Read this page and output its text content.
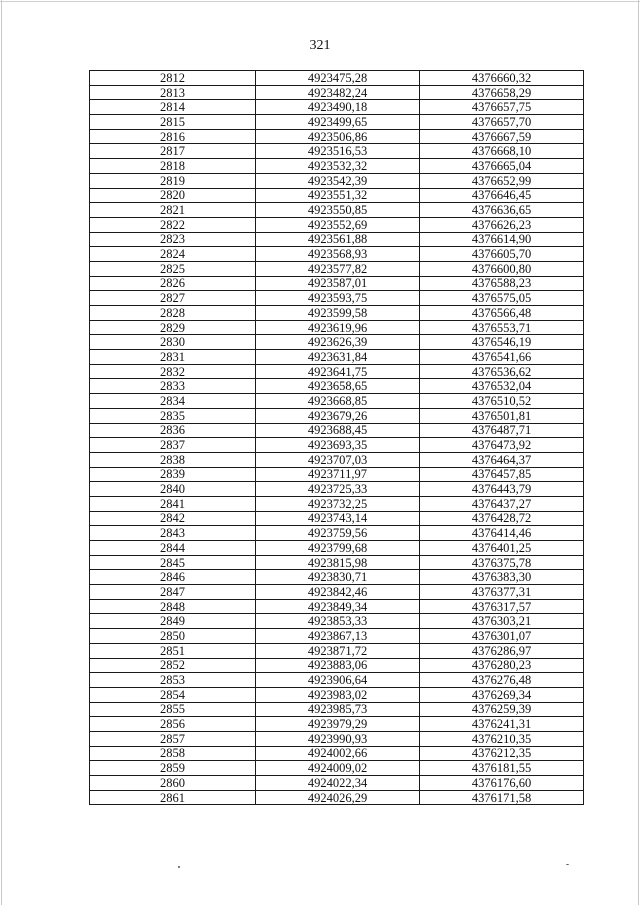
321
2812	4923475,28	4376660,32
2813	4923482,24	4376658,29
2814	4923490,18	4376657,75
2815	4923499,65	4376657,70
2816	4923506,86	4376667,59
2817	4923516,53	4376668,10
2818	4923532,32	4376665,04
2819	4923542,39	4376652,99
2820	4923551,32	4376646,45
2821	4923550,85	4376636,65
2822	4923552,69	4376626,23
2823	4923561,88	4376614,90
2824	4923568,93	4376605,70
2825	4923577,82	4376600,80
2826	4923587,01	4376588,23
2827	4923593,75	4376575,05
2828	4923599,58	4376566,48
2829	4923619,96	4376553,71
2830	4923626,39	4376546,19
2831	4923631,84	4376541,66
2832	4923641,75	4376536,62
2833	4923658,65	4376532,04
2834	4923668,85	4376510,52
2835	4923679,26	4376501,81
2836	4923688,45	4376487,71
2837	4923693,35	4376473,92
2838	4923707,03	4376464,37
2839	4923711,97	4376457,85
2840	4923725,33	4376443,79
2841	4923732,25	4376437,27
2842	4923743,14	4376428,72
2843	4923759,56	4376414,46
2844	4923799,68	4376401,25
2845	4923815,98	4376375,78
2846	4923830,71	4376383,30
2847	4923842,46	4376377,31
2848	4923849,34	4376317,57
2849	4923853,33	4376303,21
2850	4923867,13	4376301,07
2851	4923871,72	4376286,97
2852	4923883,06	4376280,23
2853	4923906,64	4376276,48
2854	4923983,02	4376269,34
2855	4923985,73	4376259,39
2856	4923979,29	4376241,31
2857	4923990,93	4376210,35
2858	4924002,66	4376212,35
2859	4924009,02	4376181,55
2860	4924022,34	4376176,60
2861	4924026,29	4376171,58
